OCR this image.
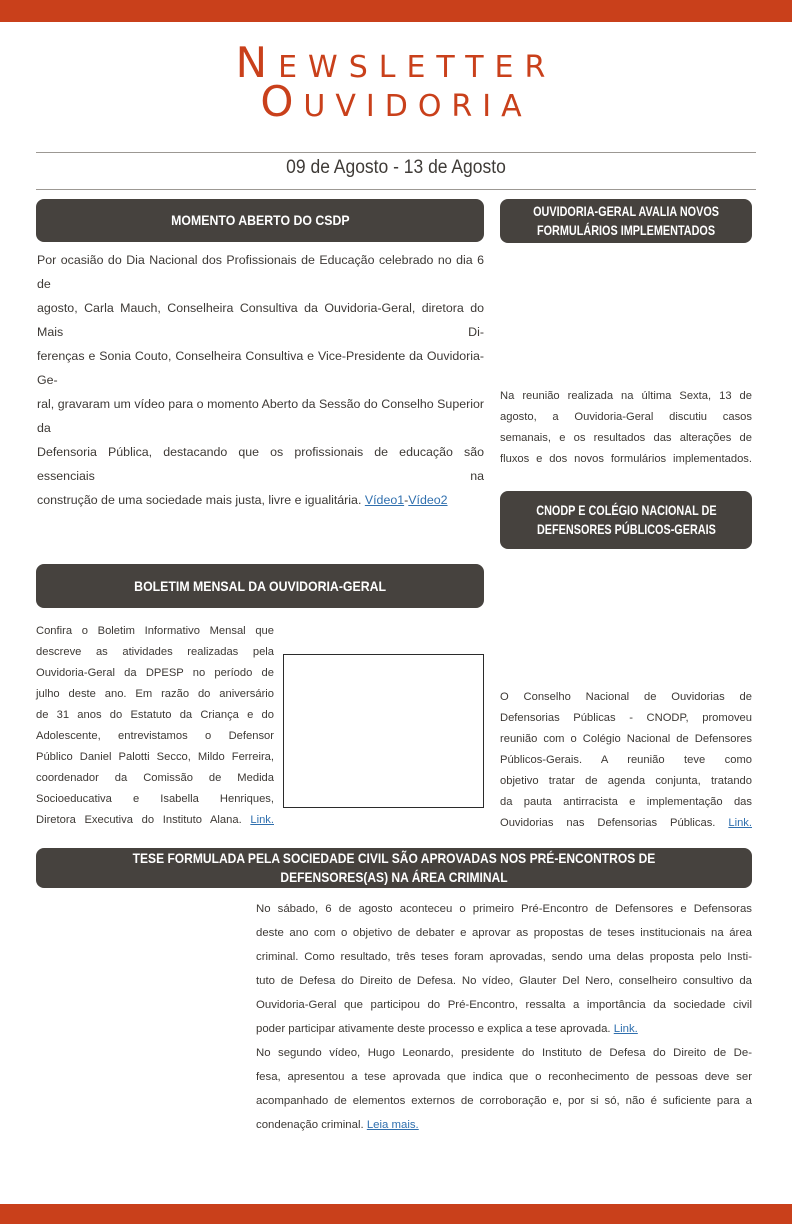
NEWSLETTER
OUVIDORIA
09 de Agosto - 13 de Agosto
MOMENTO ABERTO DO CSDP
Por ocasião do Dia Nacional dos Profissionais de Educação celebrado no dia 6 de
agosto, Carla Mauch, Conselheira Consultiva da Ouvidoria-Geral, diretora do Mais Di-
ferenças e Sonia Couto, Conselheira Consultiva e Vice-Presidente da Ouvidoria-Ge-
ral, gravaram um vídeo para o momento Aberto da Sessão do Conselho Superior da
Defensoria Pública, destacando que os profissionais de educação são essenciais na
construção de uma sociedade mais justa, livre e igualitária. Vídeo1-Vídeo2
OUVIDORIA-GERAL AVALIA NOVOS
FORMULÁRIOS IMPLEMENTADOS
Na reunião realizada na última Sexta, 13 de
agosto, a Ouvidoria-Geral discutiu casos
semanais, e os resultados das alterações de
fluxos e dos novos formulários implementados.
CNODP E COLÉGIO NACIONAL DE
DEFENSORES PÚBLICOS-GERAIS
O Conselho Nacional de Ouvidorias de
Defensorias Públicas - CNODP, promoveu
reunião com o Colégio Nacional de Defensores
Públicos-Gerais. A reunião teve como
objetivo tratar de agenda conjunta, tratando
da pauta antirracista e implementação das
Ouvidorias nas Defensorias Públicas. Link.
BOLETIM MENSAL DA OUVIDORIA-GERAL
Confira o Boletim Informativo Mensal que
descreve as atividades realizadas pela
Ouvidoria-Geral da DPESP no período de
julho deste ano. Em razão do aniversário
de 31 anos do Estatuto da Criança e do
Adolescente, entrevistamos o Defensor
Público Daniel Palotti Secco, Mildo Ferreira,
coordenador da Comissão de Medida
Socioeducativa e Isabella Henriques,
Diretora Executiva do Instituto Alana. Link.
TESE FORMULADA PELA SOCIEDADE CIVIL SÃO APROVADAS NOS PRÉ-ENCONTROS DE DEFENSORES(AS) NA ÁREA CRIMINAL
No sábado, 6 de agosto aconteceu o primeiro Pré-Encontro de Defensores e Defensoras
deste ano com o objetivo de debater e aprovar as propostas de teses institucionais na área
criminal. Como resultado, três teses foram aprovadas, sendo uma delas proposta pelo Insti-
tuto de Defesa do Direito de Defesa. No vídeo, Glauter Del Nero, conselheiro consultivo da
Ouvidoria-Geral que participou do Pré-Encontro, ressalta a importância da sociedade civil
poder participar ativamente deste processo e explica a tese aprovada. Link.
No segundo vídeo, Hugo Leonardo, presidente do Instituto de Defesa do Direito de De-
fesa, apresentou a tese aprovada que indica que o reconhecimento de pessoas deve ser
acompanhado de elementos externos de corroboração e, por si só, não é suficiente para a
condenação criminal. Leia mais.
